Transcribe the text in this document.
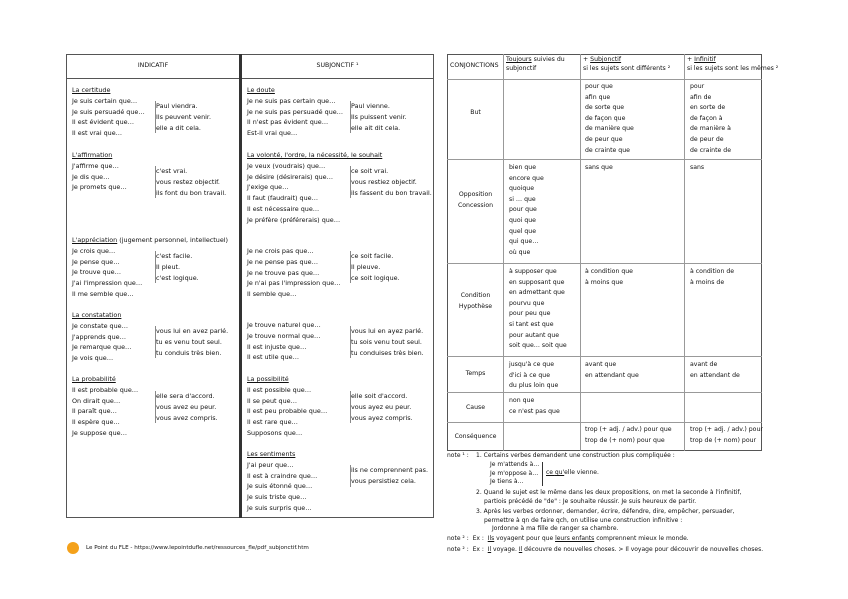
INDICATIF	SUBJONCTIF ¹
La certitude
Je suis certain que…
Je suis persuadé que…
Il est évident que…
Il est vrai que…
Paul viendra.
Ils peuvent venir.
elle a dit cela.
L'affirmation
J'affirme que…
Je dis que…
Je promets que…
c'est vrai.
vous restez objectif.
ils font du bon travail.
L'appréciation (jugement personnel, intellectuel)
Je crois que…
Je pense que…
Je trouve que…
J'ai l'impression que…
Il me semble que…
c'est facile.
Il pleut.
c'est logique.
La constatation
Je constate que…
J'apprends que…
Je remarque que…
Je vois que…
vous lui en avez parlé.
tu es venu tout seul.
tu conduis très bien.
La probabilité
Il est probable que…
On dirait que…
Il paraît que…
Il espère que…
Je suppose que…
elle sera d'accord.
vous avez eu peur.
vous avez compris.
Le doute
Je ne suis pas certain que…
Je ne suis pas persuadé que…
Il n'est pas évident que…
Est-il vrai que…
Paul vienne.
Ils puissent venir.
elle ait dit cela.
La volonté, l'ordre, la nécessité, le souhait
Je veux (voudrais) que…
Je désire (désirerais) que…
J'exige que…
Il faut (faudrait) que…
Il est nécessaire que…
Je préfère (préférerais) que…
ce soit vrai.
vous restiez objectif.
ils fassent du bon travail.
Je ne crois pas que…
Je ne pense pas que…
Je ne trouve pas que…
Je n'ai pas l'impression que…
Il semble que…
ce soit facile.
Il pleuve.
ce soit logique.
Je trouve naturel que…
Je trouve normal que…
Il est injuste que…
Il est utile que…
vous lui en ayez parlé.
tu sois venu tout seul.
tu conduises très bien.
La possibilité
Il est possible que…
Il se peut que…
Il est peu probable que…
Il est rare que…
Supposons que…
elle soit d'accord.
vous ayez eu peur.
vous ayez compris.
Les sentiments
J'ai peur que…
Il est à craindre que…
Je suis étonné que…
Je suis triste que…
Je suis surpris que…
ils ne comprennent pas.
vous persistiez cela.
Le Point du FLE - https://www.lepointdufle.net/ressources_fle/pdf_subjonctif.htm
CONJONCTIONS
Toujours suivies du
subjonctif
+ Subjonctif
si les sujets sont différents ²
+ Infinitif
si les sujets sont les mêmes ²
But
pour que
afin que
de sorte que
de façon que
de manière que
de peur que
de crainte que
pour
afin de
en sorte de
de façon à
de manière à
de peur de
de crainte de
Opposition
Concession
bien que
encore que
quoique
si … que
pour que
quoi que
quel que
qui que…
où que
sans que	sans
Condition
Hypothèse
à supposer que
en supposant que
en admettant que
pourvu que
pour peu que
si tant est que
pour autant que
soit que… soit que
à condition que
à moins que
à condition de
à moins de
Temps
jusqu'à ce que
d'ici à ce que
du plus loin que
avant que
en attendant que
avant de
en attendant de
Cause
non que
ce n'est pas que
Conséquence
trop (+ adj. / adv.) pour que
trop de (+ nom) pour que
trop (+ adj. / adv.) pour
trop de (+ nom) pour
note ¹ : 1. Certains verbes demandent une construction plus compliquée :
Je m'attends à…
Je m'oppose à…
Je tiens à…
ce qu'elle vienne.
2. Quand le sujet est le même dans les deux propositions, on met la seconde à l'infinitif,
partiois précédé de "de" : Je souhaite réussir. Je suis heureux de partir.
3. Après les verbes ordonner, demander, écrire, défendre, dire, empêcher, persuader,
permettre à qn de faire qch, on utilise une construction infinitive :
Jordonne à ma fille de ranger sa chambre.
note ² : Ex : Ils voyagent pour que leurs enfants comprennent mieux le monde.
note ² : Ex : Il voyage. Il découvre de nouvelles choses. > Il voyage pour découvrir de nouvelles choses.
